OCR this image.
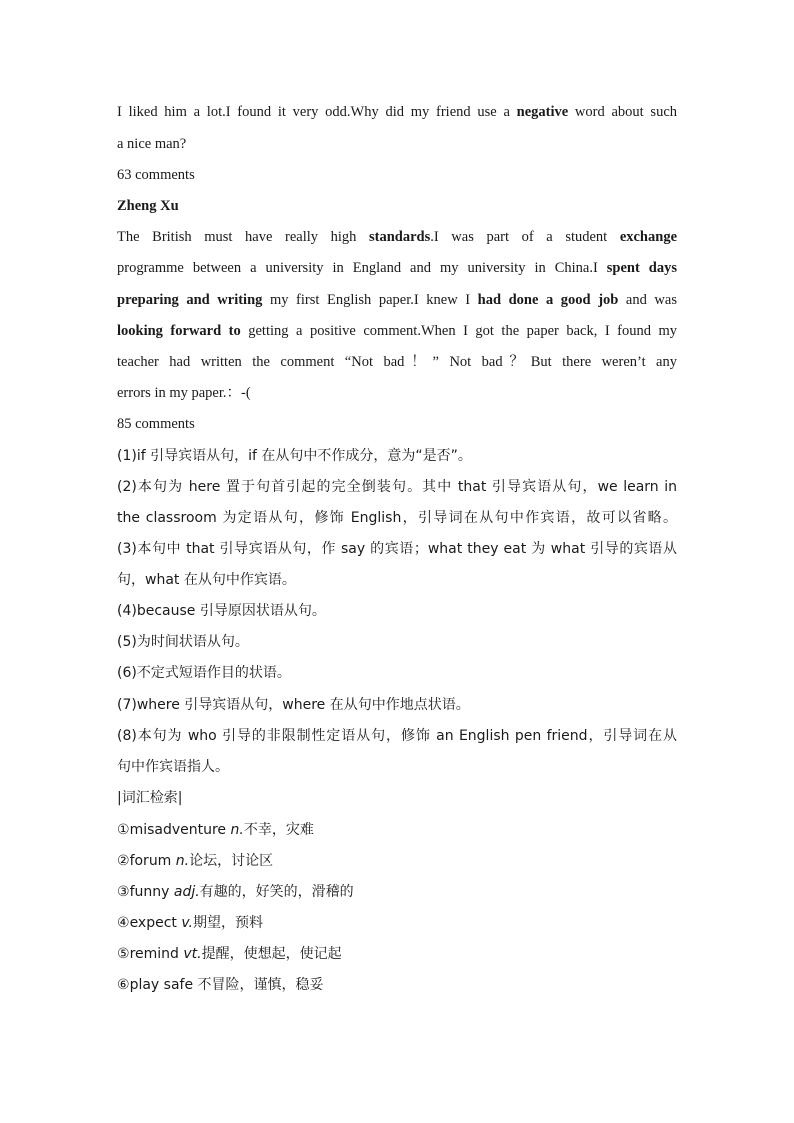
I liked him a lot.I found it very odd.Why did my friend use a negative word about such
a nice man?
63 comments
Zheng Xu
The British must have really high standards.I was part of a student exchange
programme between a university in England and my university in China.I spent days
preparing and writing my first English paper.I knew I had done a good job and was
looking forward to getting a positive comment.When I got the paper back, I found my
teacher had written the comment “Not bad！” Not bad？But there weren’t any
errors in my paper.：-(
85 comments
(1)if 引导宾语从句，if 在从句中不作成分，意为“是否”。
(2)本句为 here 置于句首引起的完全倒装句。其中 that 引导宾语从句，we learn in
the classroom 为定语从句，修饰 English，引导词在从句中作宾语，故可以省略。
(3)本句中 that 引导宾语从句，作 say 的宾语；what they eat 为 what 引导的宾语从
句，what 在从句中作宾语。
(4)because 引导原因状语从句。
(5)为时间状语从句。
(6)不定式短语作目的状语。
(7)where 引导宾语从句，where 在从句中作地点状语。
(8)本句为 who 引导的非限制性定语从句，修饰 an English pen friend，引导词在从
句中作宾语指人。
|词汇检索|
①misadventure n.不幸，灾难
②forum n.论坛，讨论区
③funny adj.有趣的，好笑的，滑稽的
④expect v.期望，预料
⑤remind vt.提醒，使想起，使记起
⑥play safe 不冒险，谨慎，稳妥
